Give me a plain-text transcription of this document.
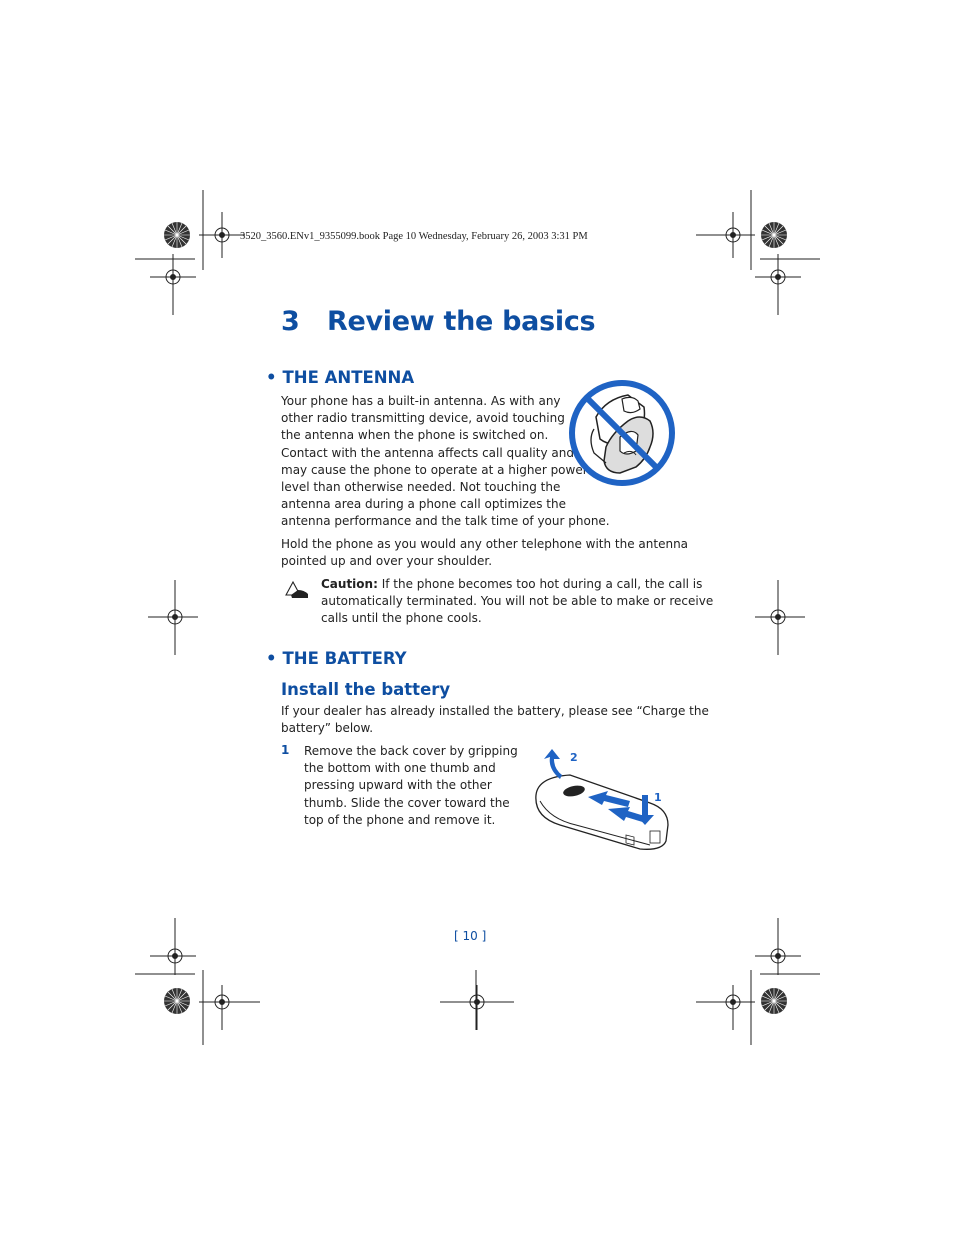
3520_3560.ENv1_9355099.book Page 10 Wednesday, February 26, 2003 3:31 PM
3 Review the basics
• THE ANTENNA
Your phone has a built-in antenna. As with any
other radio transmitting device, avoid touching
the antenna when the phone is switched on.
Contact with the antenna affects call quality and
may cause the phone to operate at a higher power
level than otherwise needed. Not touching the
antenna area during a phone call optimizes the
antenna performance and the talk time of your phone.
Hold the phone as you would any other telephone with the antenna
pointed up and over your shoulder.
Caution: If the phone becomes too hot during a call, the call is
automatically terminated. You will not be able to make or receive
calls until the phone cools.
• THE BATTERY
Install the battery
If your dealer has already installed the battery, please see “Charge the
battery” below.
1 Remove the back cover by gripping
the bottom with one thumb and
pressing upward with the other
thumb. Slide the cover toward the
top of the phone and remove it.
2
1
[ 10 ]
